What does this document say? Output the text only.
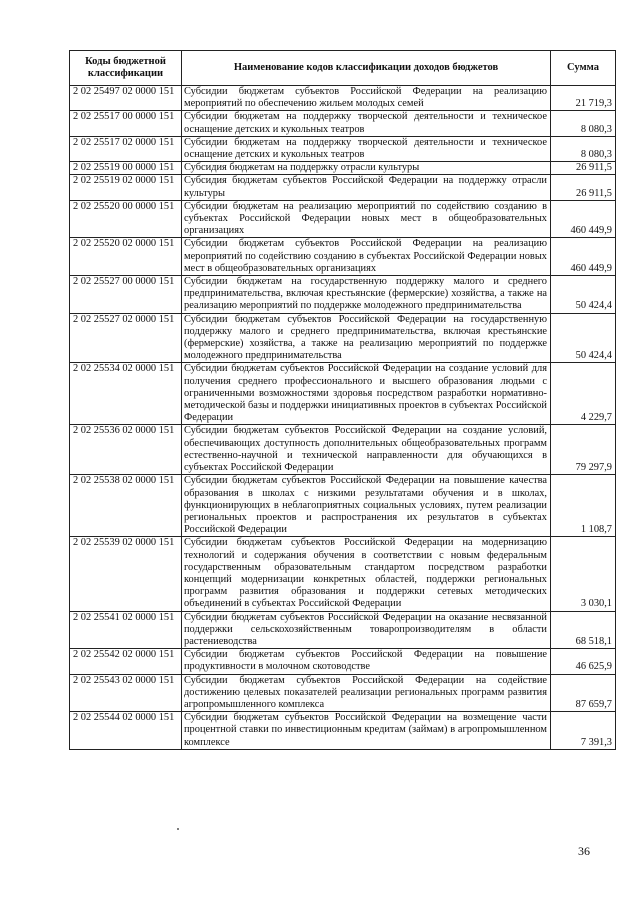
Коды бюджетной классификации	Наименование кодов классификации доходов бюджетов	Сумма
2 02 25497 02 0000 151	Субсидии бюджетам субъектов Российской Федерации на реализацию мероприятий по обеспечению жильем молодых семей	21 719,3
2 02 25517 00 0000 151	Субсидии бюджетам на поддержку творческой деятельности и техническое оснащение детских и кукольных театров	8 080,3
2 02 25517 02 0000 151	Субсидии бюджетам на поддержку творческой деятельности и техническое оснащение детских и кукольных театров	8 080,3
2 02 25519 00 0000 151	Субсидия бюджетам на поддержку отрасли культуры	26 911,5
2 02 25519 02 0000 151	Субсидия бюджетам субъектов Российской Федерации на поддержку отрасли культуры	26 911,5
2 02 25520 00 0000 151	Субсидии бюджетам на реализацию мероприятий по содействию созданию в субъектах Российской Федерации новых мест в общеобразовательных организациях	460 449,9
2 02 25520 02 0000 151	Субсидии бюджетам субъектов Российской Федерации на реализацию мероприятий по содействию созданию в субъектах Российской Федерации новых мест в общеобразовательных организациях	460 449,9
2 02 25527 00 0000 151	Субсидии бюджетам на государственную поддержку малого и среднего предпринимательства, включая крестьянские (фермерские) хозяйства, а также на реализацию мероприятий по поддержке молодежного предпринимательства	50 424,4
2 02 25527 02 0000 151	Субсидии бюджетам субъектов Российской Федерации на государственную поддержку малого и среднего предпринимательства, включая крестьянские (фермерские) хозяйства, а также на реализацию мероприятий по поддержке молодежного предпринимательства	50 424,4
2 02 25534 02 0000 151	Субсидии бюджетам субъектов Российской Федерации на создание условий для получения среднего профессионального и высшего образования людьми с ограниченными возможностями здоровья посредством разработки нормативно-методической базы и поддержки инициативных проектов в субъектах Российской Федерации	4 229,7
2 02 25536 02 0000 151	Субсидии бюджетам субъектов Российской Федерации на создание условий, обеспечивающих доступность дополнительных общеобразовательных программ естественно-научной и технической направленности для обучающихся в субъектах Российской Федерации	79 297,9
2 02 25538 02 0000 151	Субсидии бюджетам субъектов Российской Федерации на повышение качества образования в школах с низкими результатами обучения и в школах, функционирующих в неблагоприятных социальных условиях, путем реализации региональных проектов и распространения их результатов в субъектах Российской Федерации	1 108,7
2 02 25539 02 0000 151	Субсидии бюджетам субъектов Российской Федерации на модернизацию технологий и содержания обучения в соответствии с новым федеральным государственным образовательным стандартом посредством разработки концепций модернизации конкретных областей, поддержки региональных программ развития образования и поддержки сетевых методических объединений в субъектах Российской Федерации	3 030,1
2 02 25541 02 0000 151	Субсидии бюджетам субъектов Российской Федерации на оказание несвязанной поддержки сельскохозяйственным товаропроизводителям в области растениеводства	68 518,1
2 02 25542 02 0000 151	Субсидии бюджетам субъектов Российской Федерации на повышение продуктивности в молочном скотоводстве	46 625,9
2 02 25543 02 0000 151	Субсидии бюджетам субъектов Российской Федерации на содействие достижению целевых показателей реализации региональных программ развития агропромышленного комплекса	87 659,7
2 02 25544 02 0000 151	Субсидии бюджетам субъектов Российской Федерации на возмещение части процентной ставки по инвестиционным кредитам (займам) в агропромышленном комплексе	7 391,3
36
